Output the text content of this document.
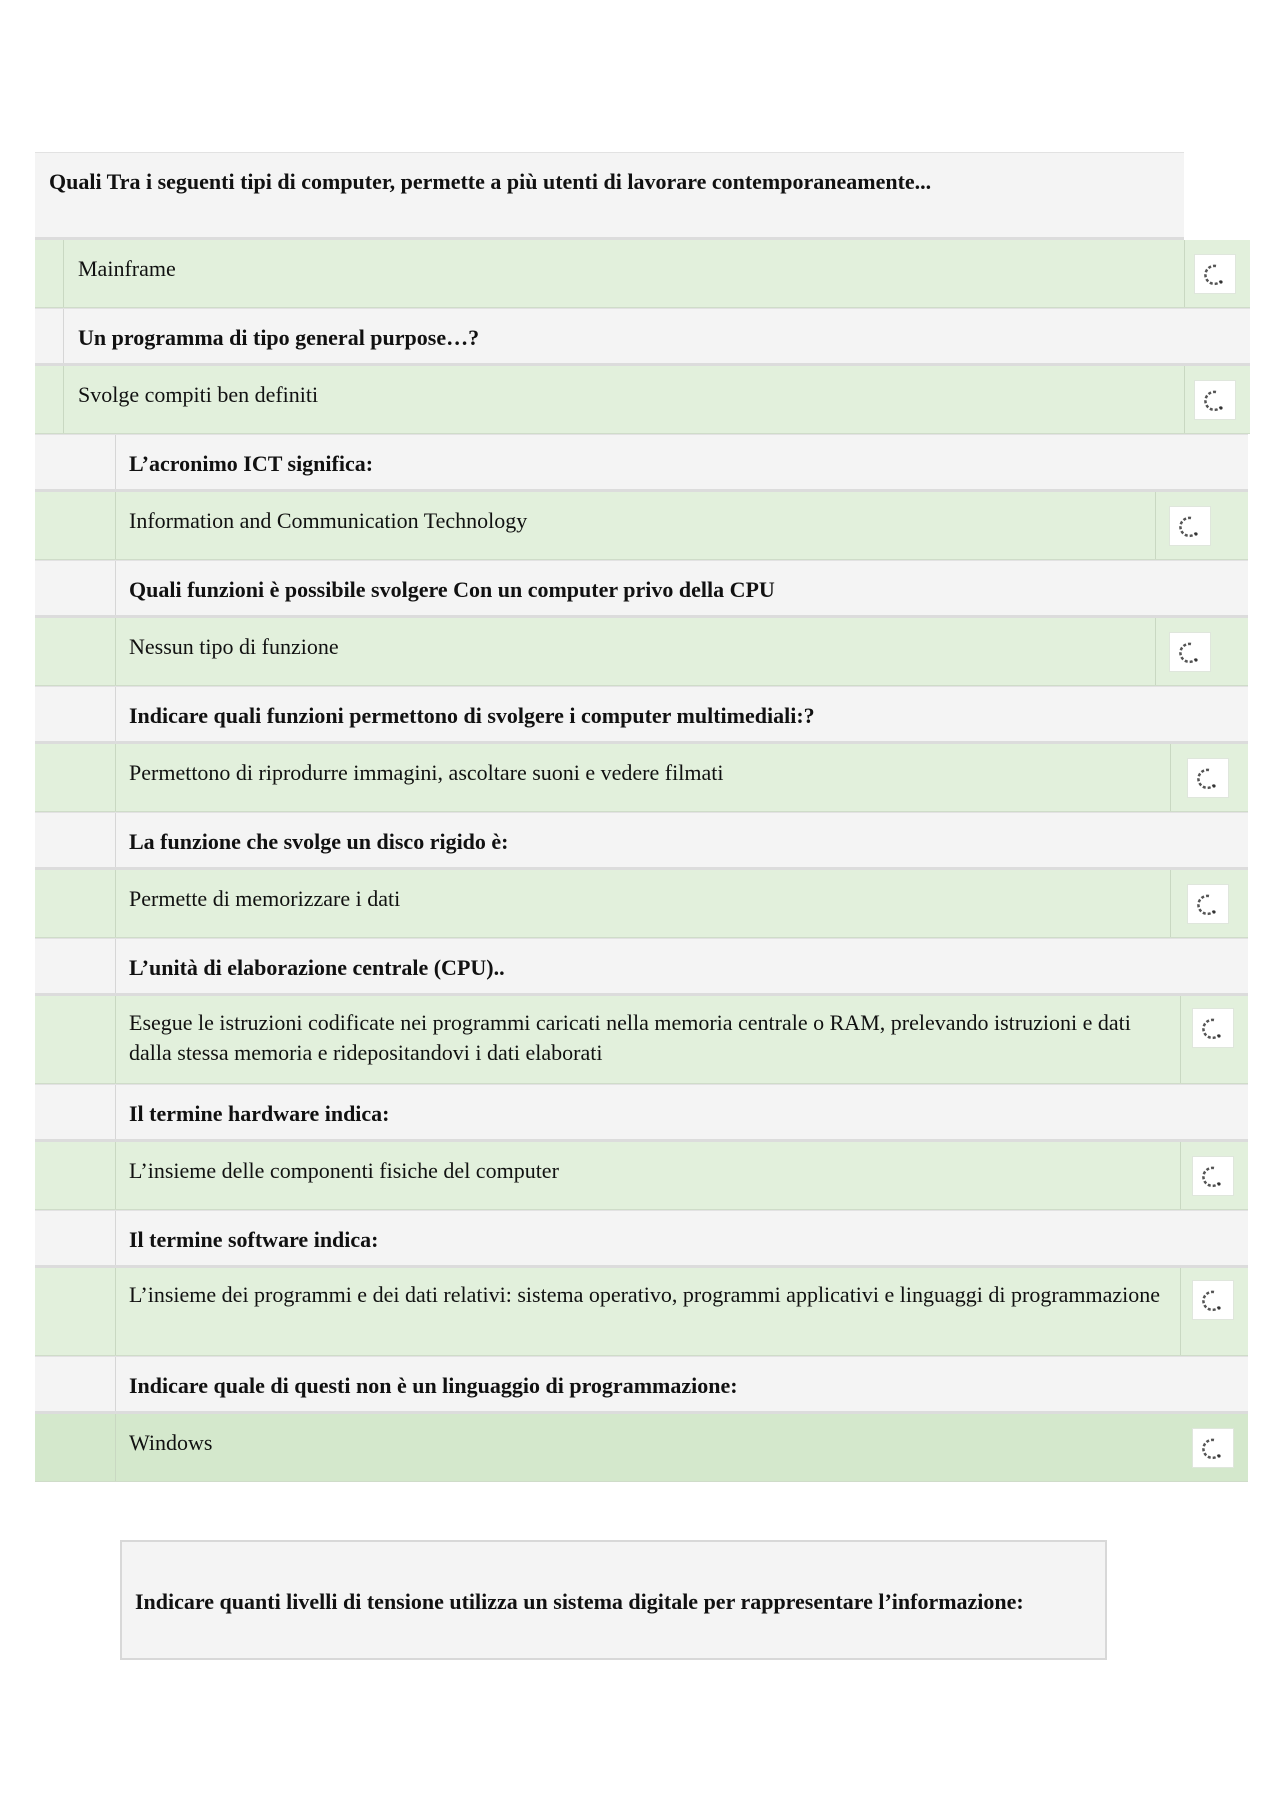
Quali Tra i seguenti tipi di computer, permette a più utenti di lavorare contemporaneamente...
Mainframe
Un programma di tipo general purpose…?
Svolge compiti ben definiti
L’acronimo ICT significa:
Information and Communication Technology
Quali funzioni è possibile svolgere Con un computer privo della CPU
Nessun tipo di funzione
Indicare quali funzioni permettono di svolgere i computer multimediali:?
Permettono di riprodurre immagini, ascoltare suoni e vedere filmati
La funzione che svolge un disco rigido è:
Permette di memorizzare i dati
L’unità di elaborazione centrale (CPU)..
Esegue le istruzioni codificate nei programmi caricati nella memoria centrale o RAM, prelevando istruzioni e dati dalla stessa memoria e ridepositandovi i dati elaborati
Il termine hardware indica:
L’insieme delle componenti fisiche del computer
Il termine software indica:
L’insieme dei programmi e dei dati relativi: sistema operativo, programmi applicativi e linguaggi di programmazione
Indicare quale di questi non è un linguaggio di programmazione:
Windows
Indicare quanti livelli di tensione utilizza un sistema digitale per rappresentare l’informazione:
